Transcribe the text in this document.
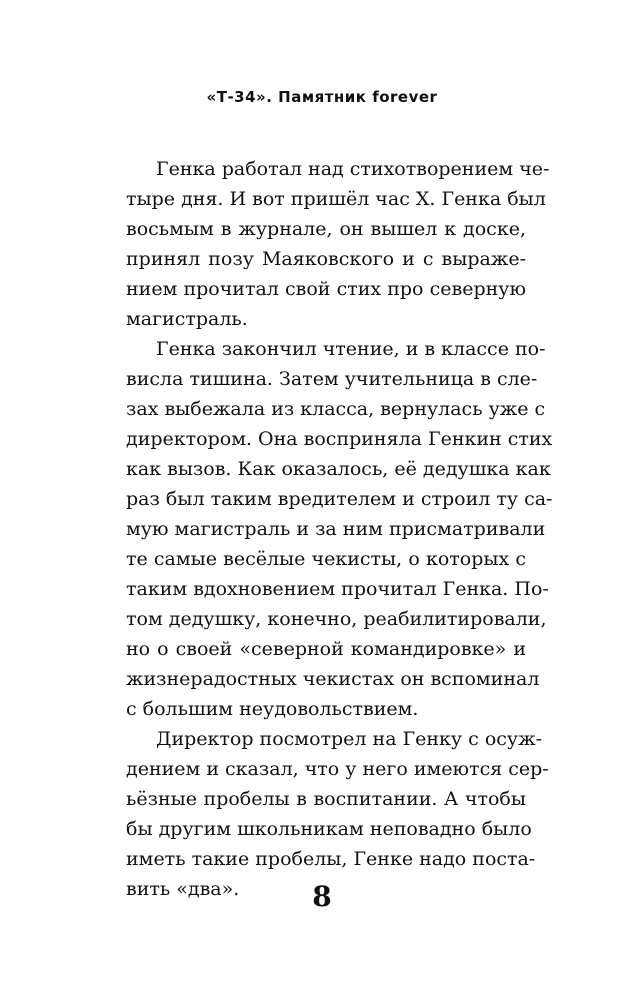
«Т-34». Памятник forever
Генка работал над стихотворением че-
тыре дня. И вот пришёл час Х. Генка был
восьмым в журнале, он вышел к доске,
принял позу Маяковского и с выраже-
нием прочитал свой стих про северную
магистраль.
Генка закончил чтение, и в классе по-
висла тишина. Затем учительница в сле-
зах выбежала из класса, вернулась уже с
директором. Она восприняла Генкин стих
как вызов. Как оказалось, её дедушка как
раз был таким вредителем и строил ту са-
мую магистраль и за ним присматривали
те самые весёлые чекисты, о которых с
таким вдохновением прочитал Генка. По-
том дедушку, конечно, реабилитировали,
но о своей «северной командировке» и
жизнерадостных чекистах он вспоминал
с большим неудовольствием.
Директор посмотрел на Генку с осуж-
дением и сказал, что у него имеются сер-
ьёзные пробелы в воспитании. А чтобы
бы другим школьникам неповадно было
иметь такие пробелы, Генке надо поста-
вить «два».	8
